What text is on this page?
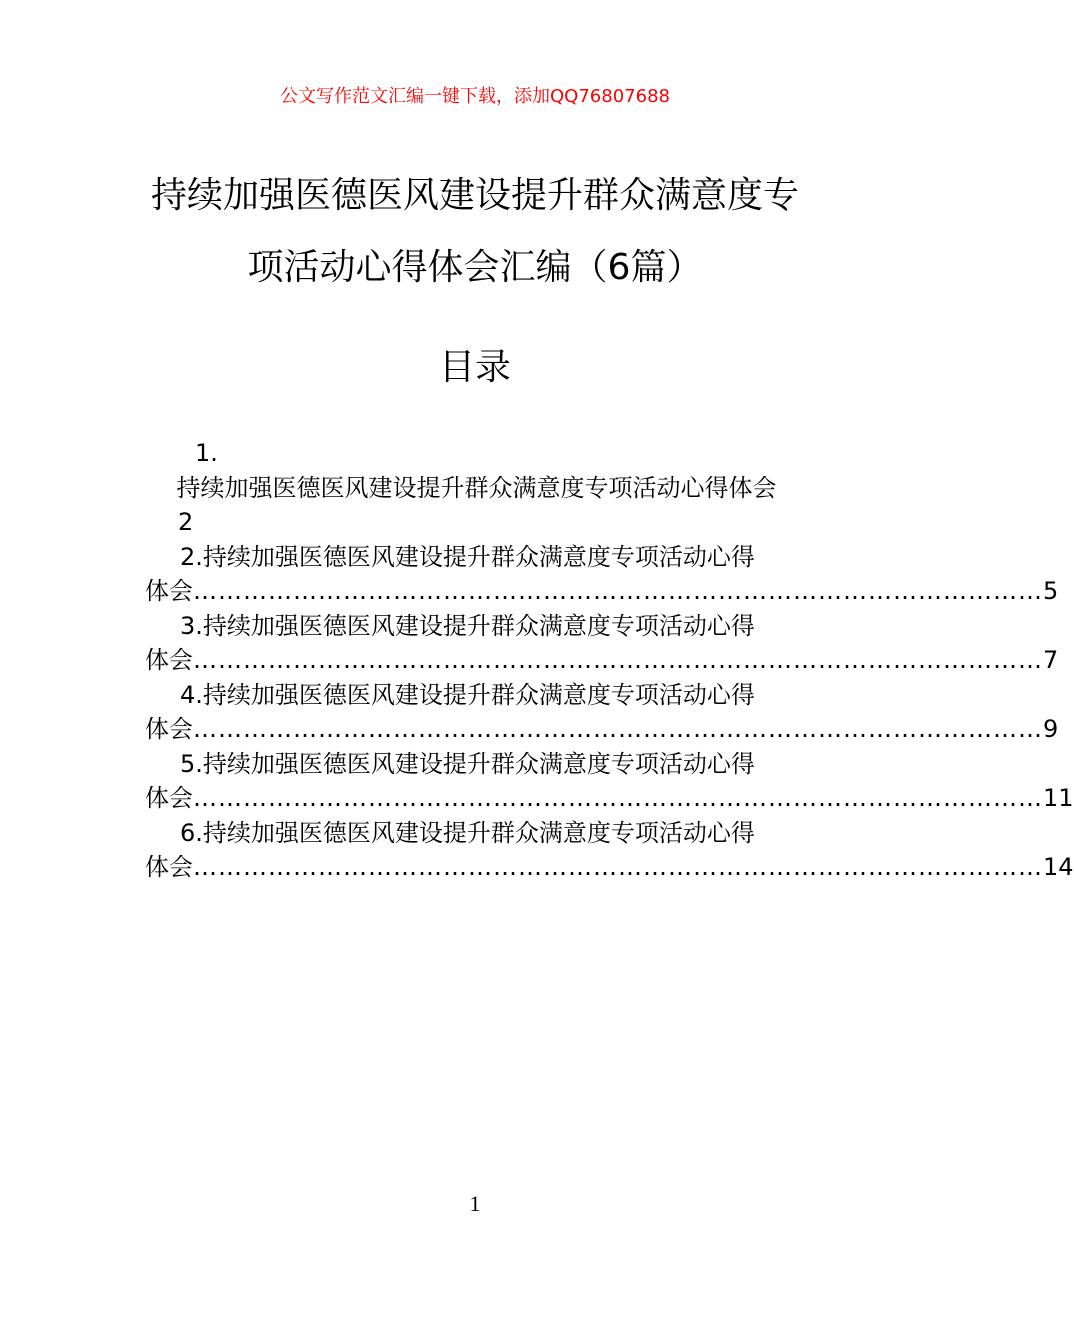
公文写作范文汇编一键下载，添加QQ76807688
持续加强医德医风建设提升群众满意度专
项活动心得体会汇编（6篇）
目录
1.
持续加强医德医风建设提升群众满意度专项活动心得体会
2
2.持续加强医德医风建设提升群众满意度专项活动心得
体会 ………………………………………………………………………………………… 5
3.持续加强医德医风建设提升群众满意度专项活动心得
体会 ………………………………………………………………………………………… 7
4.持续加强医德医风建设提升群众满意度专项活动心得
体会 ………………………………………………………………………………………… 9
5.持续加强医德医风建设提升群众满意度专项活动心得
体会 ………………………………………………………………………………………… 11
6.持续加强医德医风建设提升群众满意度专项活动心得
体会 ………………………………………………………………………………………… 14
1
